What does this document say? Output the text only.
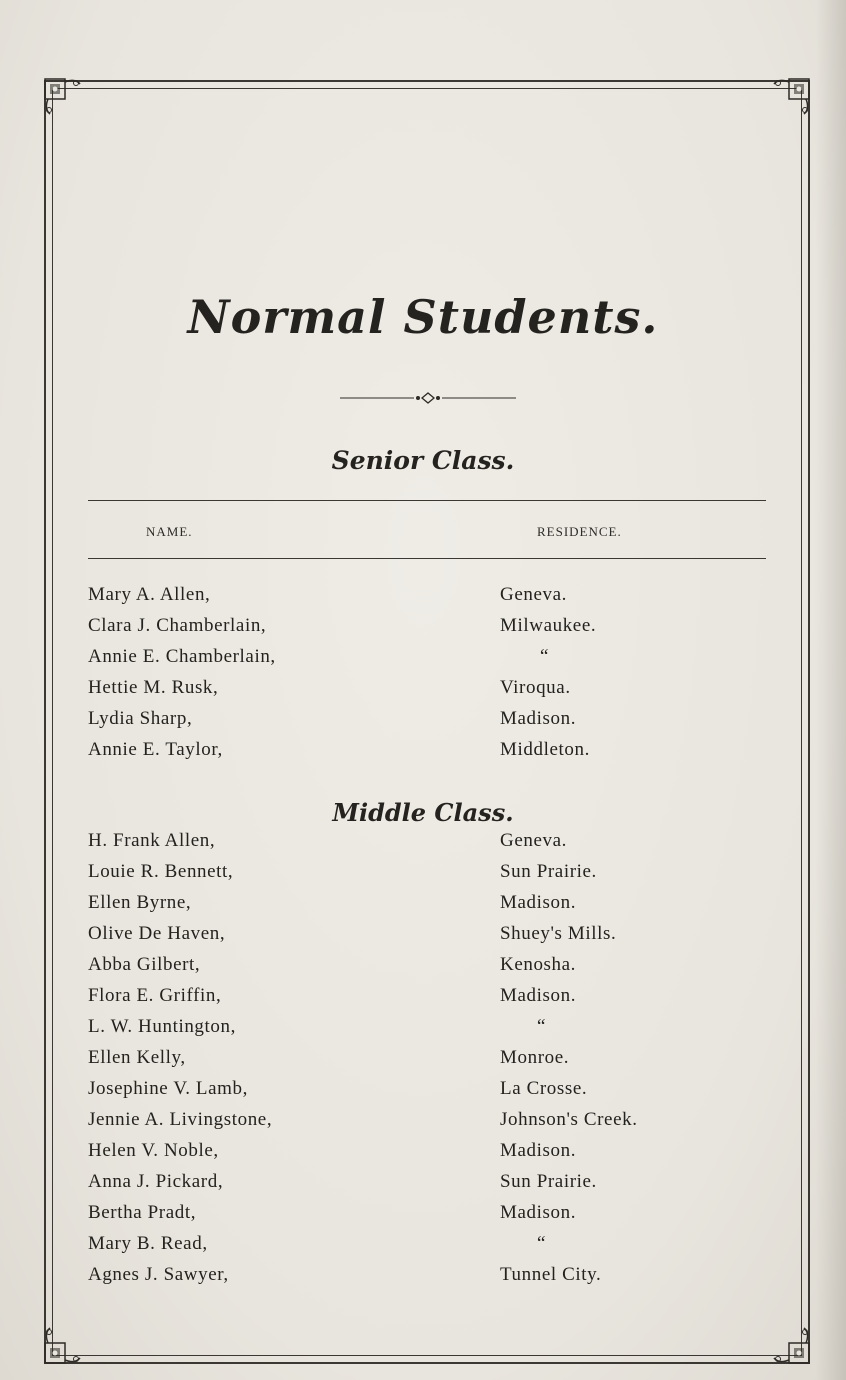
Normal Students.
Senior Class.
NAME.	RESIDENCE.
Mary A. Allen,	Geneva.
Clara J. Chamberlain,	Milwaukee.
Annie E. Chamberlain,	“
Hettie M. Rusk,	Viroqua.
Lydia Sharp,	Madison.
Annie E. Taylor,	Middleton.
Middle Class.
H. Frank Allen,	Geneva.
Louie R. Bennett,	Sun Prairie.
Ellen Byrne,	Madison.
Olive De Haven,	Shuey's Mills.
Abba Gilbert,	Kenosha.
Flora E. Griffin,	Madison.
L. W. Huntington,	“
Ellen Kelly,	Monroe.
Josephine V. Lamb,	La Crosse.
Jennie A. Livingstone,	Johnson's Creek.
Helen V. Noble,	Madison.
Anna J. Pickard,	Sun Prairie.
Bertha Pradt,	Madison.
Mary B. Read,	“
Agnes J. Sawyer,	Tunnel City.
